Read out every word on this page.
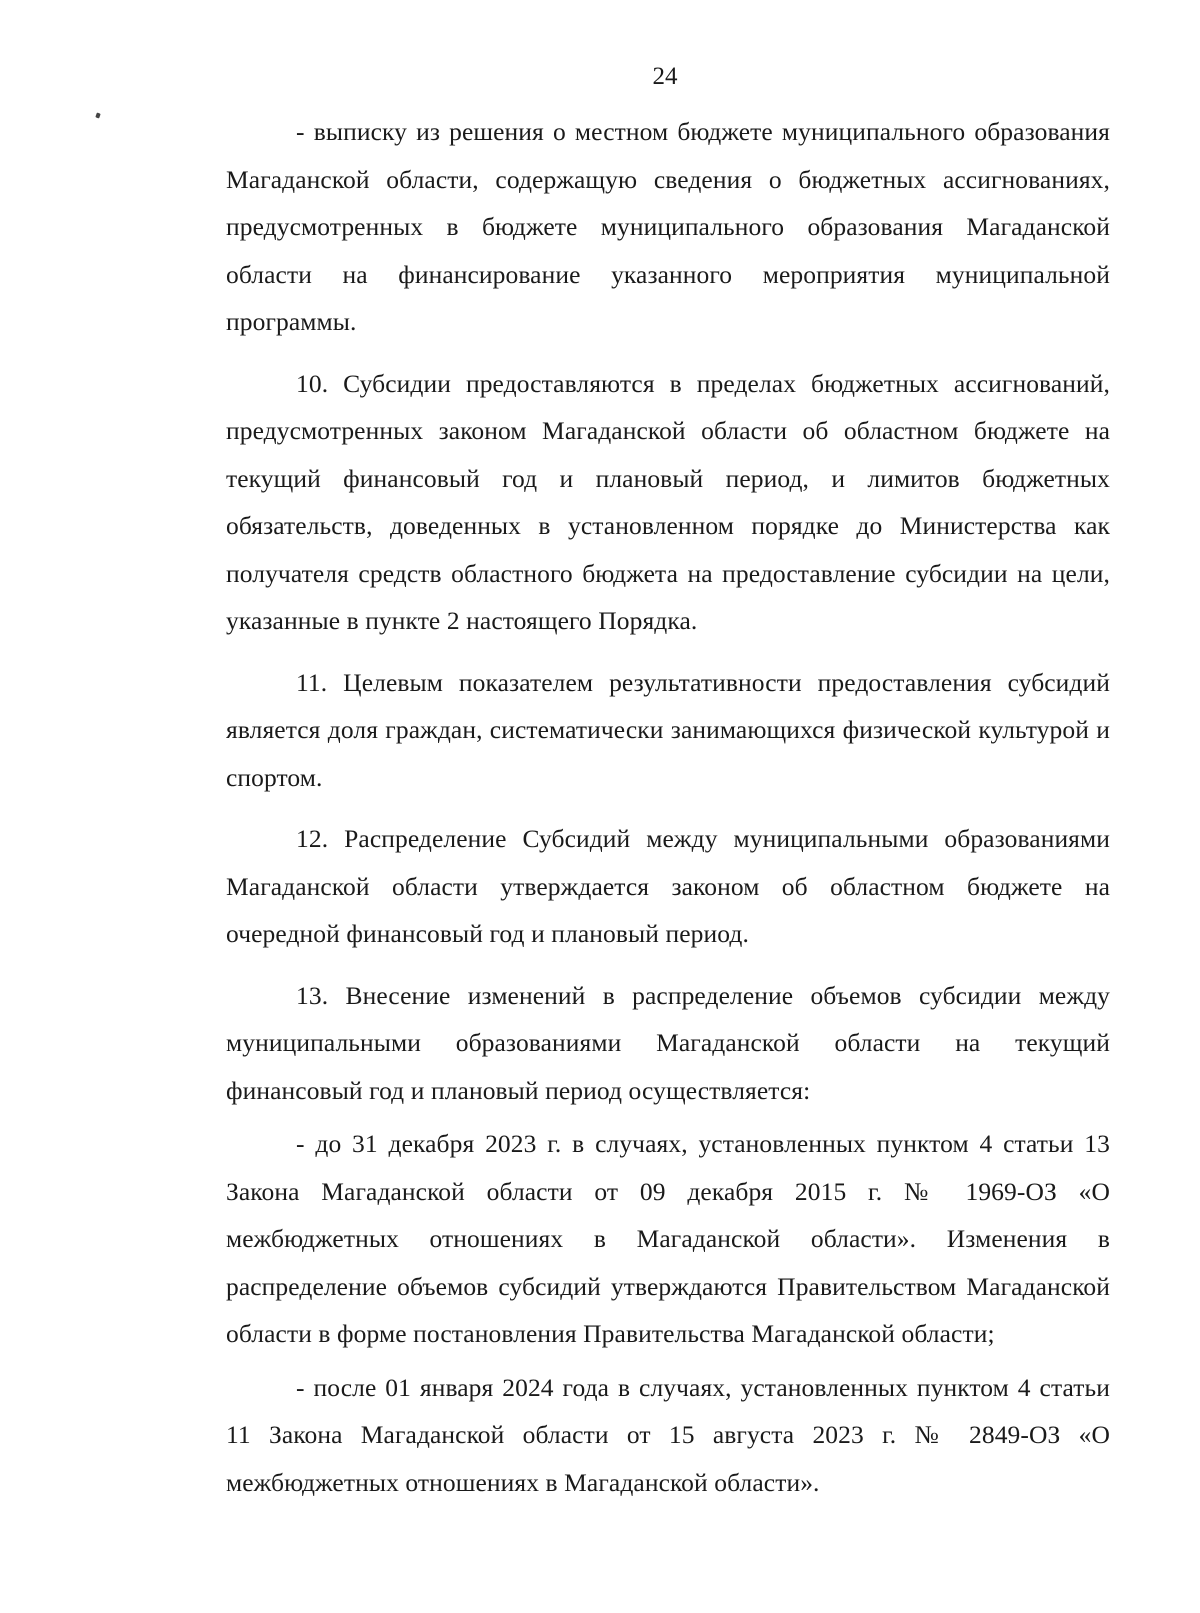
24

- выписку из решения о местном бюджете муниципального образования Магаданской области, содержащую сведения о бюджетных ассигнованиях, предусмотренных в бюджете муниципального образования Магаданской области на финансирование указанного мероприятия муниципальной программы.

10. Субсидии предоставляются в пределах бюджетных ассигнований, предусмотренных законом Магаданской области об областном бюджете на текущий финансовый год и плановый период, и лимитов бюджетных обязательств, доведенных в установленном порядке до Министерства как получателя средств областного бюджета на предоставление субсидии на цели, указанные в пункте 2 настоящего Порядка.

11. Целевым показателем результативности предоставления субсидий является доля граждан, систематически занимающихся физической культурой и спортом.

12. Распределение Субсидий между муниципальными образованиями Магаданской области утверждается законом об областном бюджете на очередной финансовый год и плановый период.

13. Внесение изменений в распределение объемов субсидии между муниципальными образованиями Магаданской области на текущий финансовый год и плановый период осуществляется:

- до 31 декабря 2023 г. в случаях, установленных пунктом 4 статьи 13 Закона Магаданской области от 09 декабря 2015 г. № 1969-ОЗ «О межбюджетных отношениях в Магаданской области». Изменения в распределение объемов субсидий утверждаются Правительством Магаданской области в форме постановления Правительства Магаданской области;

- после 01 января 2024 года в случаях, установленных пунктом 4 статьи 11 Закона Магаданской области от 15 августа 2023 г. № 2849-ОЗ «О межбюджетных отношениях в Магаданской области».
